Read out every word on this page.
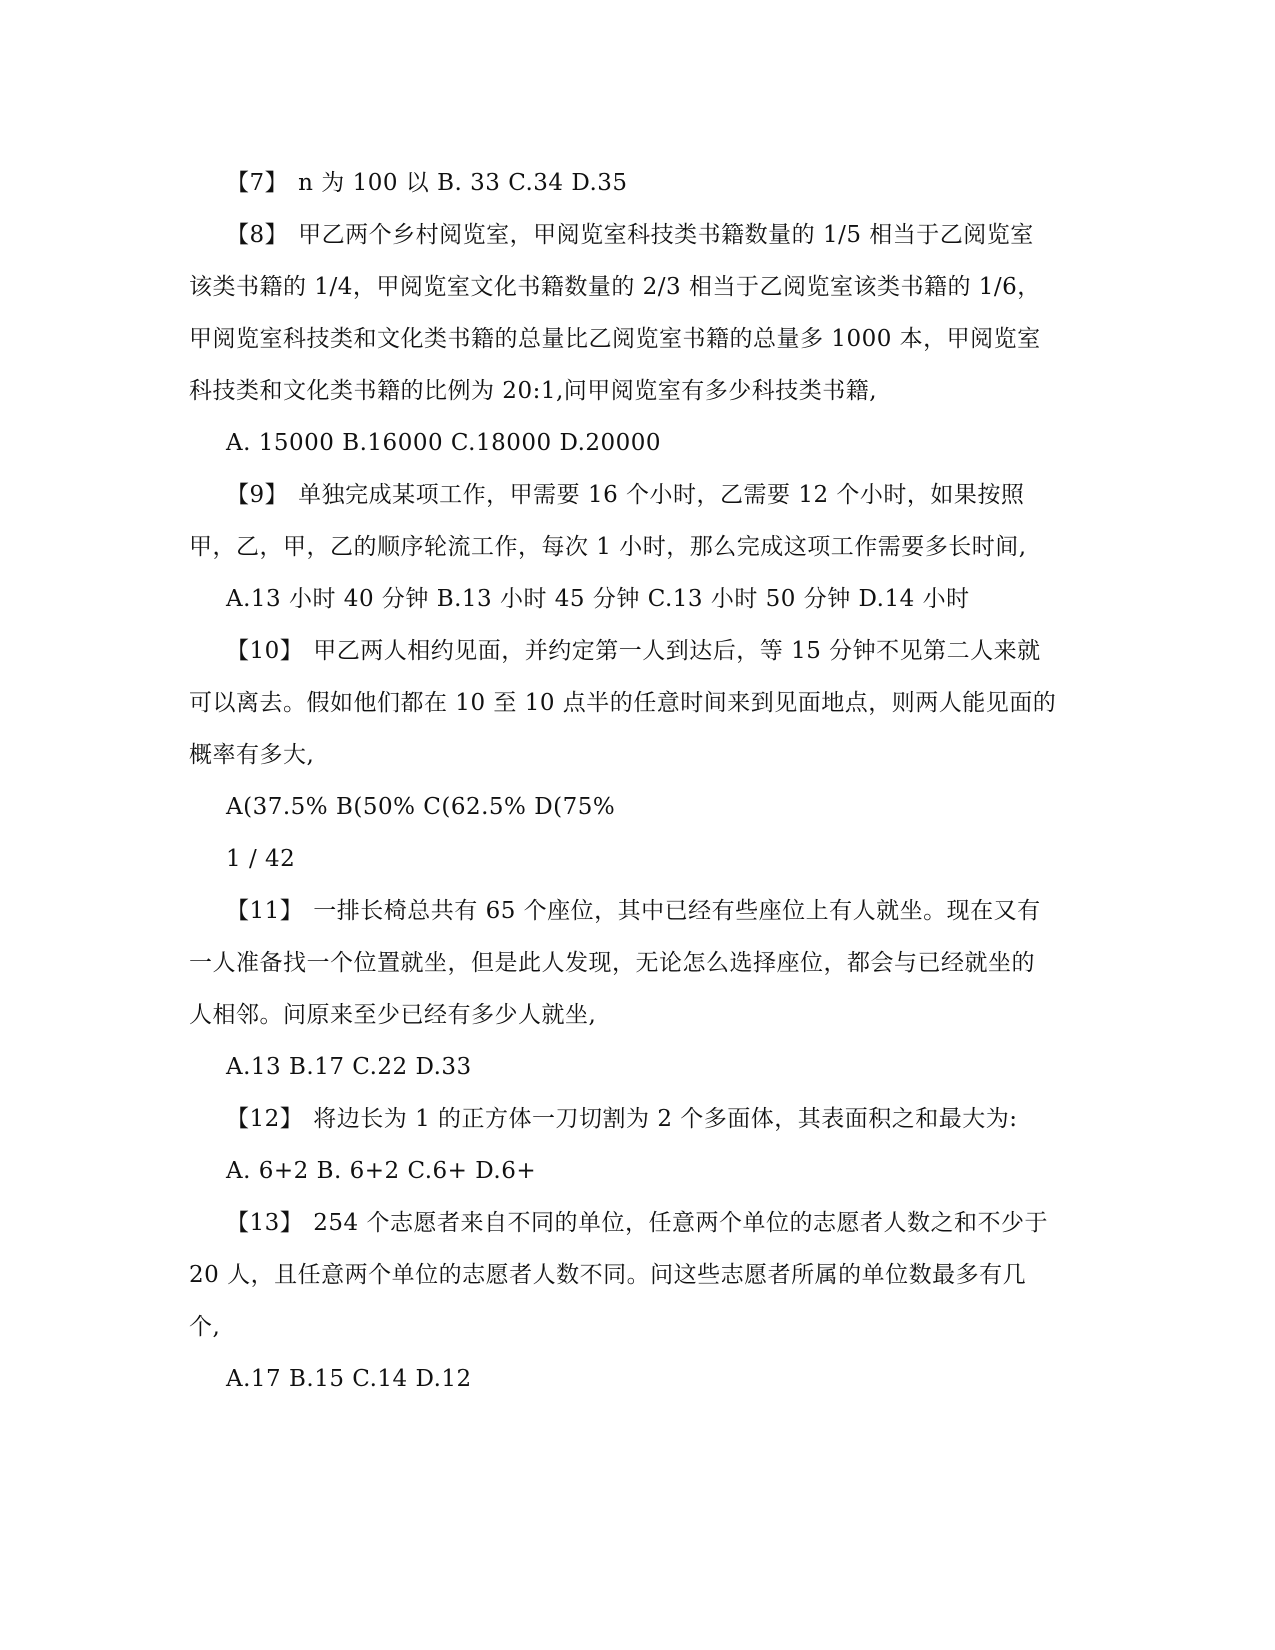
【7】 n 为 100 以 B. 33 C.34 D.35
【8】 甲乙两个乡村阅览室，甲阅览室科技类书籍数量的 1/5 相当于乙阅览室
该类书籍的 1/4，甲阅览室文化书籍数量的 2/3 相当于乙阅览室该类书籍的 1/6，
甲阅览室科技类和文化类书籍的总量比乙阅览室书籍的总量多 1000 本，甲阅览室
科技类和文化类书籍的比例为 20:1,问甲阅览室有多少科技类书籍,
A. 15000 B.16000 C.18000 D.20000
【9】 单独完成某项工作，甲需要 16 个小时，乙需要 12 个小时，如果按照
甲，乙，甲，乙的顺序轮流工作，每次 1 小时，那么完成这项工作需要多长时间,
A.13 小时 40 分钟 B.13 小时 45 分钟 C.13 小时 50 分钟 D.14 小时
【10】 甲乙两人相约见面，并约定第一人到达后，等 15 分钟不见第二人来就
可以离去。假如他们都在 10 至 10 点半的任意时间来到见面地点，则两人能见面的
概率有多大,
A(37.5% B(50% C(62.5% D(75%
1 / 42
【11】 一排长椅总共有 65 个座位，其中已经有些座位上有人就坐。现在又有
一人准备找一个位置就坐，但是此人发现，无论怎么选择座位，都会与已经就坐的
人相邻。问原来至少已经有多少人就坐,
A.13 B.17 C.22 D.33
【12】 将边长为 1 的正方体一刀切割为 2 个多面体，其表面积之和最大为:
A. 6+2 B. 6+2 C.6+ D.6+
【13】 254 个志愿者来自不同的单位，任意两个单位的志愿者人数之和不少于
20 人，且任意两个单位的志愿者人数不同。问这些志愿者所属的单位数最多有几
个,
A.17 B.15 C.14 D.12
